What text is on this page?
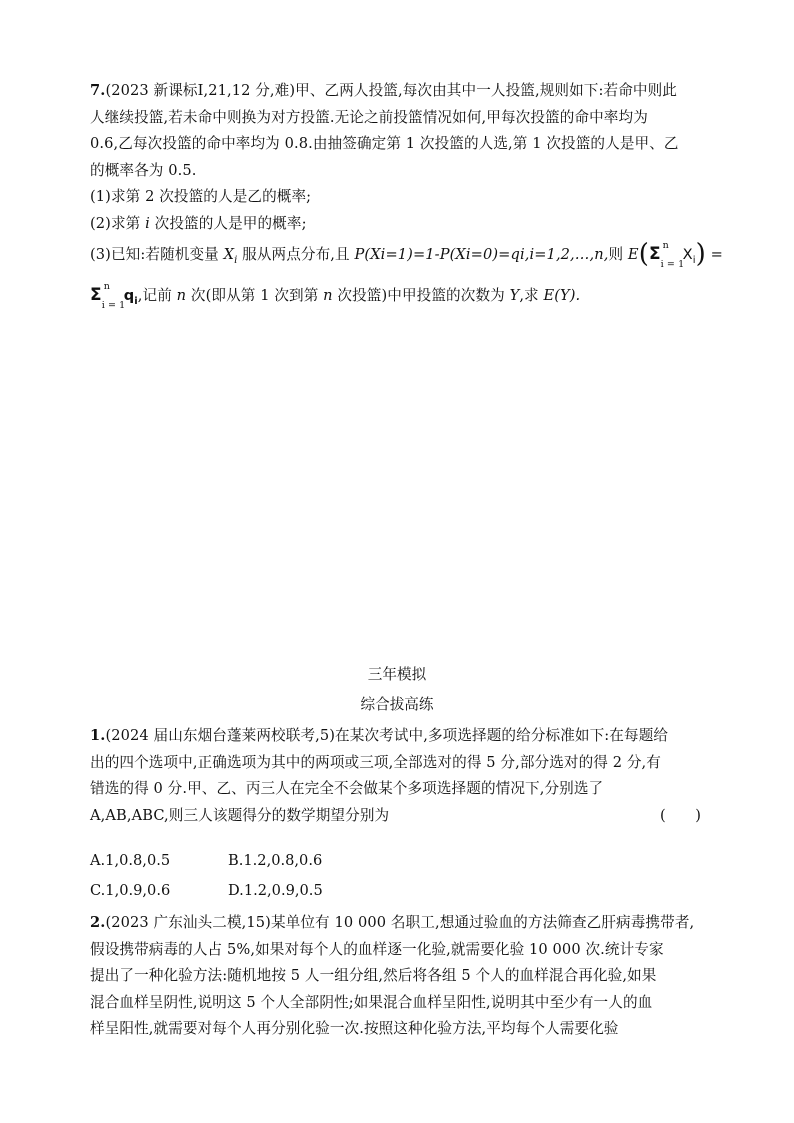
7.(2023 新课标Ⅰ,21,12 分,难)甲、乙两人投篮,每次由其中一人投篮,规则如下:若命中则此
人继续投篮,若未命中则换为对方投篮.无论之前投篮情况如何,甲每次投篮的命中率均为
0.6,乙每次投篮的命中率均为 0.8.由抽签确定第 1 次投篮的人选,第 1 次投篮的人是甲、乙
的概率各为 0.5.
(1)求第 2 次投篮的人是乙的概率;
(2)求第 i 次投篮的人是甲的概率;
(3)已知:若随机变量 $X_i$ 服从两点分布,且 P(Xi=1)=1-P(Xi=0)=qi,i=1,2,…,n,则 E(Σ n
i = 1
$X_i$) =
Σ n
i = 1
$q_i$,记前 n 次(即从第 1 次到第 n 次投篮)中甲投篮的次数为 Y,求 E(Y).
三年模拟
综合拔高练
1.(2024 届山东烟台蓬莱两校联考,5)在某次考试中,多项选择题的给分标准如下:在每题给
出的四个选项中,正确选项为其中的两项或三项,全部选对的得 5 分,部分选对的得 2 分,有
错选的得 0 分.甲、乙、丙三人在完全不会做某个多项选择题的情况下,分别选了
A,AB,ABC,则三人该题得分的数学期望分别为	(　　)
A.1,0.8,0.5	B.1.2,0.8,0.6
C.1,0.9,0.6	D.1.2,0.9,0.5
2.(2023 广东汕头二模,15)某单位有 10 000 名职工,想通过验血的方法筛查乙肝病毒携带者,
假设携带病毒的人占 5%,如果对每个人的血样逐一化验,就需要化验 10 000 次.统计专家
提出了一种化验方法:随机地按 5 人一组分组,然后将各组 5 个人的血样混合再化验,如果
混合血样呈阴性,说明这 5 个人全部阴性;如果混合血样呈阳性,说明其中至少有一人的血
样呈阳性,就需要对每个人再分别化验一次.按照这种化验方法,平均每个人需要化验
